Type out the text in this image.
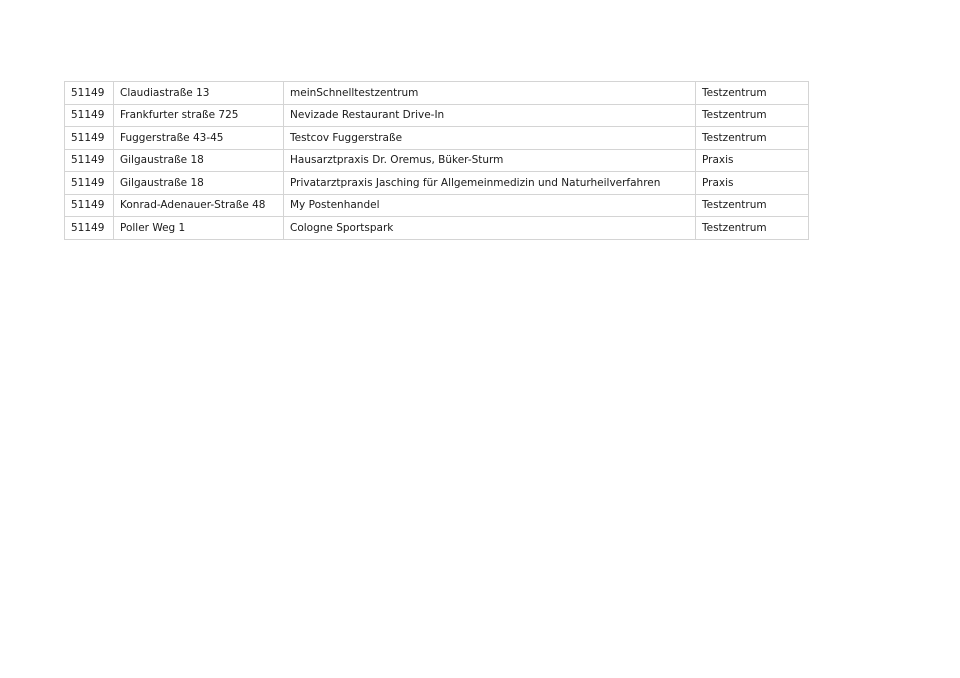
51149	Claudiastraße 13	meinSchnelltestzentrum	Testzentrum
51149	Frankfurter straße 725	Nevizade Restaurant Drive-In	Testzentrum
51149	Fuggerstraße 43-45	Testcov Fuggerstraße	Testzentrum
51149	Gilgaustraße 18	Hausarztpraxis Dr. Oremus, Büker-Sturm	Praxis
51149	Gilgaustraße 18	Privatarztpraxis Jasching für Allgemeinmedizin und Naturheilverfahren	Praxis
51149	Konrad-Adenauer-Straße 48	My Postenhandel	Testzentrum
51149	Poller Weg 1	Cologne Sportspark	Testzentrum
